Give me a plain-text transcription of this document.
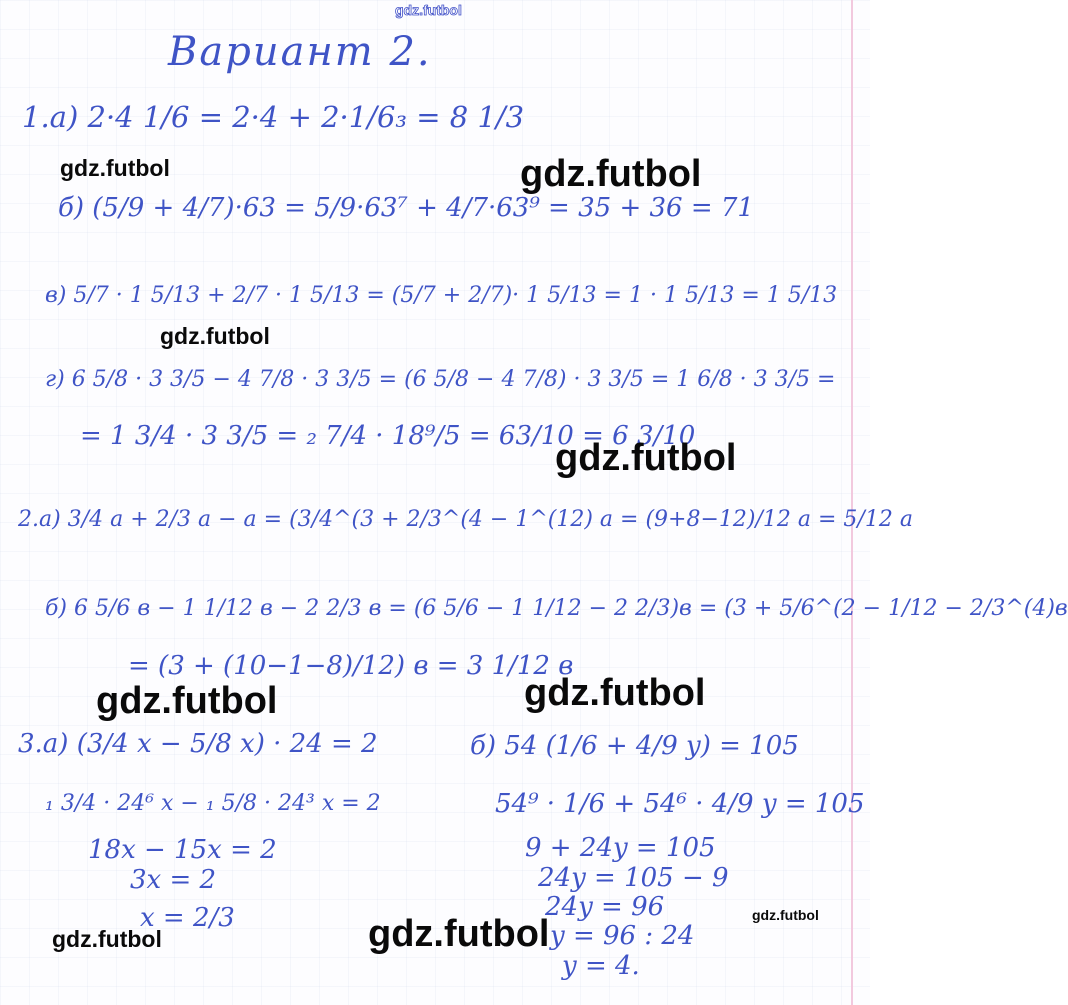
gdz.futbol
Вариант 2.
1.а) 2·4 1/6 = 2·4 + 2·1/6₃ = 8 1/3
б) (5/9 + 4/7)·63 = 5/9·63⁷ + 4/7·63⁹ = 35 + 36 = 71
в) 5/7 · 1 5/13 + 2/7 · 1 5/13 = (5/7 + 2/7)· 1 5/13 = 1 · 1 5/13 = 1 5/13
г) 6 5/8 · 3 3/5 − 4 7/8 · 3 3/5 = (6 5/8 − 4 7/8) · 3 3/5 = 1 6/8 · 3 3/5 =
= 1 3/4 · 3 3/5 = ₂ 7/4 · 18⁹/5 = 63/10 = 6 3/10
2.а) 3/4 a + 2/3 a − a = (3/4^(3 + 2/3^(4 − 1^(12) a = (9+8−12)/12 a = 5/12 a
б) 6 5/6 в − 1 1/12 в − 2 2/3 в = (6 5/6 − 1 1/12 − 2 2/3)в = (3 + 5/6^(2 − 1/12 − 2/3^(4)в
= (3 + (10−1−8)/12) в = 3 1/12 в
3.а) (3/4 x − 5/8 x) · 24 = 2
₁ 3/4 · 24⁶ x − ₁ 5/8 · 24³ x = 2
18x − 15x = 2
3x = 2
x = 2/3
б) 54 (1/6 + 4/9 y) = 105
54⁹ · 1/6 + 54⁶ · 4/9 y = 105
9 + 24y = 105
24y = 105 − 9
24y = 96
y = 96 : 24
y = 4.
gdz.futbol	gdz.futbol
gdz.futbol
gdz.futbol
gdz.futbol	gdz.futbol
gdz.futbol	gdz.futbol	gdz.futbol
